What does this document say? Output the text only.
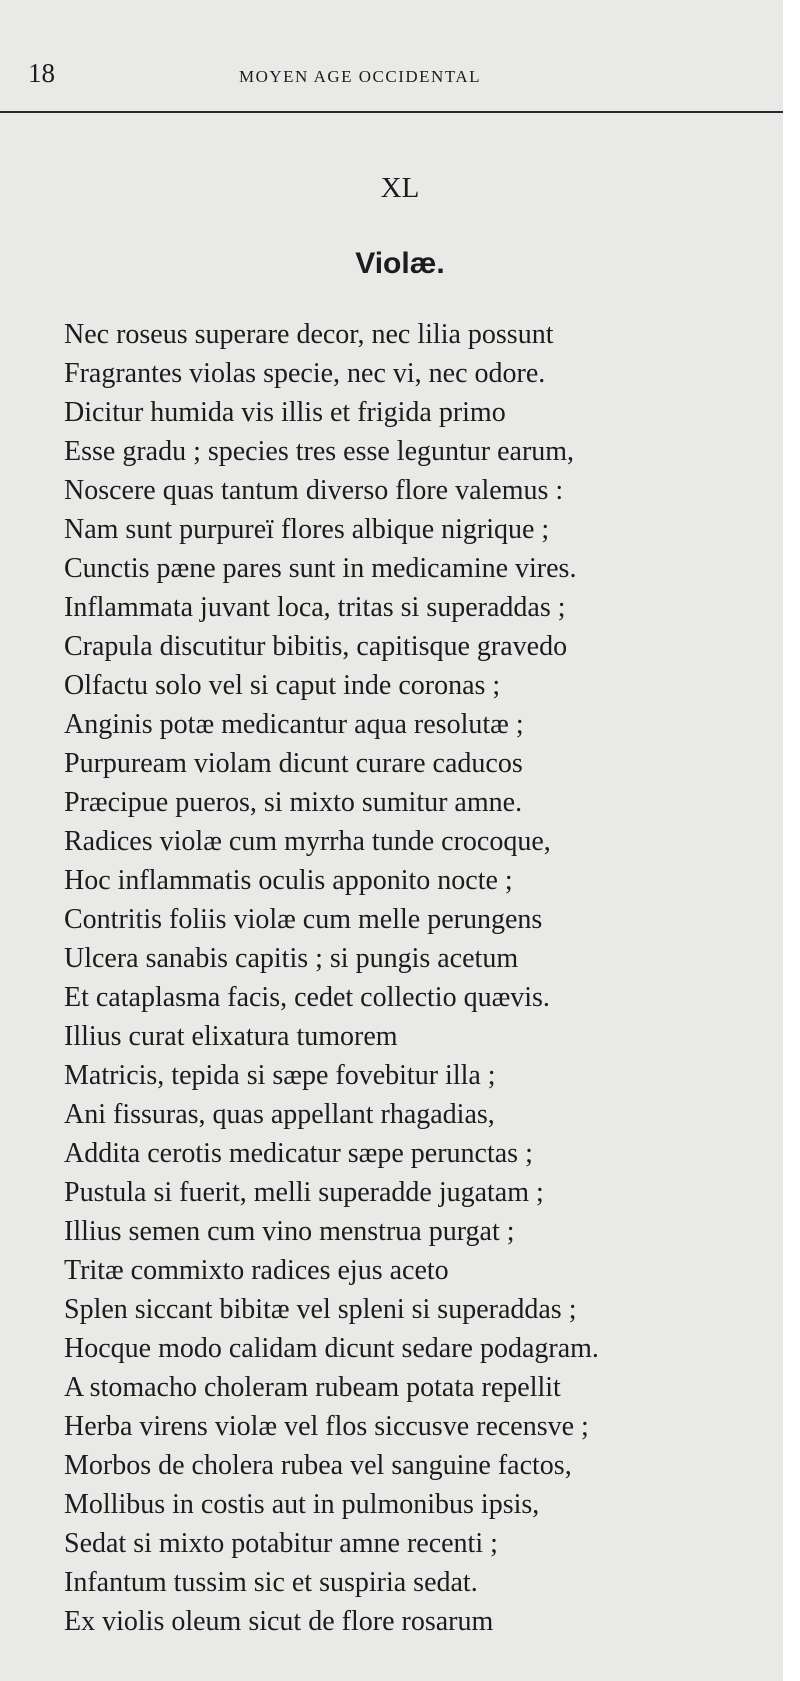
18	MOYEN AGE OCCIDENTAL
XL
Violæ.
Nec roseus superare decor, nec lilia possunt
Fragrantes violas specie, nec vi, nec odore.
Dicitur humida vis illis et frigida primo
Esse gradu ; species tres esse leguntur earum,
Noscere quas tantum diverso flore valemus :
Nam sunt purpureï flores albique nigrique ;
Cunctis pæne pares sunt in medicamine vires.
Inflammata juvant loca, tritas si superaddas ;
Crapula discutitur bibitis, capitisque gravedo
Olfactu solo vel si caput inde coronas ;
Anginis potæ medicantur aqua resolutæ ;
Purpuream violam dicunt curare caducos
Præcipue pueros, si mixto sumitur amne.
Radices violæ cum myrrha tunde crocoque,
Hoc inflammatis oculis apponito nocte ;
Contritis foliis violæ cum melle perungens
Ulcera sanabis capitis ; si pungis acetum
Et cataplasma facis, cedet collectio quævis.
Illius curat elixatura tumorem
Matricis, tepida si sæpe fovebitur illa ;
Ani fissuras, quas appellant rhagadias,
Addita cerotis medicatur sæpe perunctas ;
Pustula si fuerit, melli superadde jugatam ;
Illius semen cum vino menstrua purgat ;
Tritæ commixto radices ejus aceto
Splen siccant bibitæ vel spleni si superaddas ;
Hocque modo calidam dicunt sedare podagram.
A stomacho choleram rubeam potata repellit
Herba virens violæ vel flos siccusve recensve ;
Morbos de cholera rubea vel sanguine factos,
Mollibus in costis aut in pulmonibus ipsis,
Sedat si mixto potabitur amne recenti ;
Infantum tussim sic et suspiria sedat.
Ex violis oleum sicut de flore rosarum
